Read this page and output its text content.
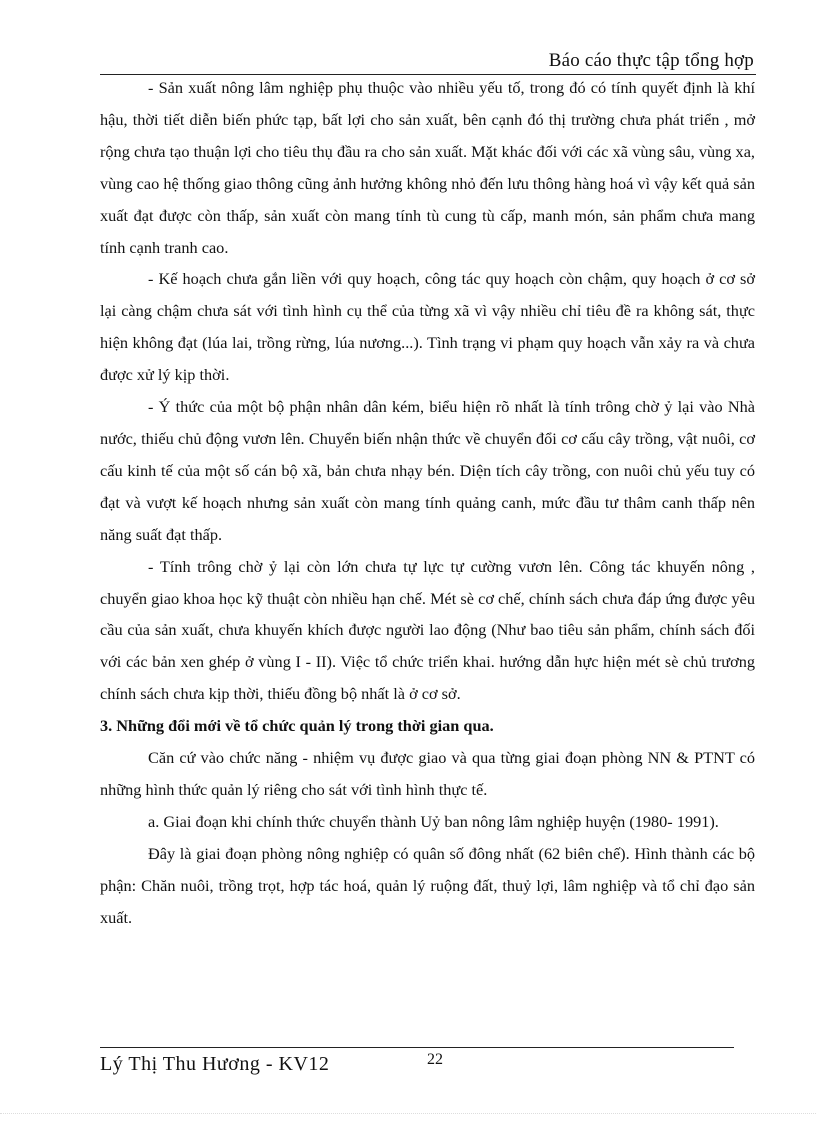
Báo cáo thực tập tổng hợp

- Sản xuất nông lâm nghiệp phụ thuộc vào nhiều yếu tố, trong đó có tính quyết định là khí hậu, thời tiết diễn biến phức tạp, bất lợi cho sản xuất, bên cạnh đó thị trường chưa phát triển , mở rộng chưa tạo thuận lợi cho tiêu thụ đầu ra cho sản xuất. Mặt khác đối với các xã vùng sâu, vùng xa, vùng cao hệ thống giao thông cũng ảnh hưởng không nhỏ đến lưu thông hàng hoá vì vậy kết quả sản xuất đạt được còn thấp, sản xuất còn mang tính tù cung tù cấp, manh món, sản phẩm chưa mang tính cạnh tranh cao.

- Kế hoạch chưa gắn liền với quy hoạch, công tác quy hoạch còn chậm, quy hoạch ở cơ sở lại càng chậm chưa sát với tình hình cụ thể của từng xã vì vậy nhiều chỉ tiêu đề ra không sát, thực hiện không đạt (lúa lai, trồng rừng, lúa nương...). Tình trạng vi phạm quy hoạch vẫn xảy ra và chưa được xử lý kịp thời.

- Ý thức của một bộ phận nhân dân kém, biểu hiện rõ nhất là tính trông chờ ỷ lại vào Nhà nước, thiếu chủ động vươn lên. Chuyển biến nhận thức về chuyển đổi cơ cấu cây trồng, vật nuôi, cơ cấu kinh tế của một số cán bộ xã, bản chưa nhạy bén. Diện tích cây trồng, con nuôi chủ yếu tuy có đạt và vượt kế hoạch nhưng sản xuất còn mang tính quảng canh, mức đầu tư thâm canh thấp nên năng suất đạt thấp.

- Tính trông chờ ỷ lại còn lớn chưa tự lực tự cường vươn lên. Công tác khuyến nông , chuyển giao khoa học kỹ thuật còn nhiều hạn chế. Mét sè cơ chế, chính sách chưa đáp ứng được yêu cầu của sản xuất, chưa khuyến khích được người lao động (Như bao tiêu sản phẩm, chính sách đối với các bản xen ghép ở vùng I - II). Việc tổ chức triển khai. hướng dẫn hực hiện mét sè chủ trương chính sách chưa kịp thời, thiếu đồng bộ nhất là ở cơ sở.

3. Những đổi mới về tổ chức quản lý trong thời gian qua.

Căn cứ vào chức năng - nhiệm vụ được giao và qua từng giai đoạn phòng NN & PTNT có những hình thức quản lý riêng cho sát với tình hình thực tế.

a. Giai đoạn khi chính thức chuyển thành Uỷ ban nông lâm nghiệp huyện (1980- 1991).

Đây là giai đoạn phòng nông nghiệp có quân số đông nhất (62 biên chế). Hình thành các bộ phận: Chăn nuôi, trồng trọt, hợp tác hoá, quản lý ruộng đất, thuỷ lợi, lâm nghiệp và tổ chỉ đạo sản xuất.

Lý Thị Thu Hương - KV12	22
